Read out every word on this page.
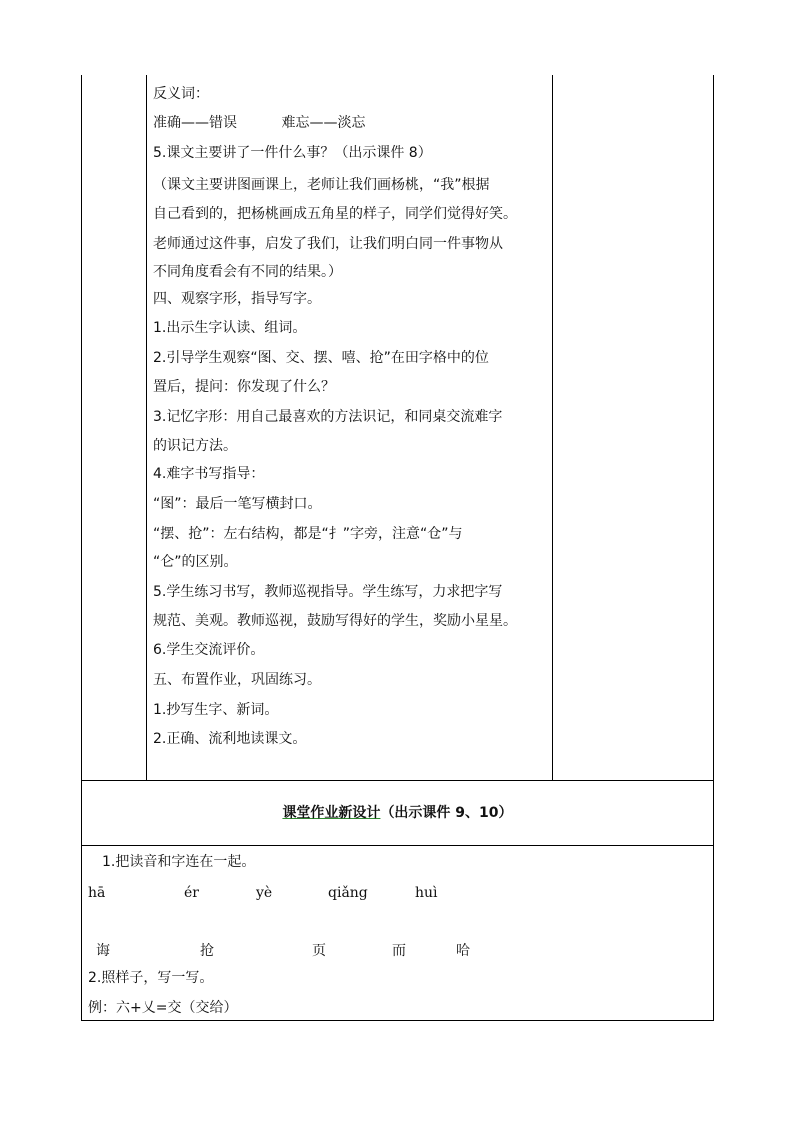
反义词：
准确——错误          难忘——淡忘
5.课文主要讲了一件什么事？（出示课件 8）
（课文主要讲图画课上，老师让我们画杨桃，“我”根据
自己看到的，把杨桃画成五角星的样子，同学们觉得好笑。
老师通过这件事，启发了我们，让我们明白同一件事物从
不同角度看会有不同的结果。）
四、观察字形，指导写字。
1.出示生字认读、组词。
2.引导学生观察“图、交、摆、嘻、抢”在田字格中的位
置后，提问：你发现了什么？
3.记忆字形：用自己最喜欢的方法识记，和同桌交流难字
的识记方法。
4.难字书写指导：
“图”：最后一笔写横封口。
“摆、抢”：左右结构，都是“扌”字旁，注意“仓”与
“仑”的区别。
5.学生练习书写，教师巡视指导。学生练写，力求把字写
规范、美观。教师巡视，鼓励写得好的学生，奖励小星星。
6.学生交流评价。
五、布置作业，巩固练习。
1.抄写生字、新词。
2.正确、流利地读课文。
课堂作业新设计（出示课件 9、10）
1.把读音和字连在一起。
hā	ér	yè	qiǎng	huì
诲	抢	页	而	哈
2.照样子，写一写。
例：六+乂=交（交给）
